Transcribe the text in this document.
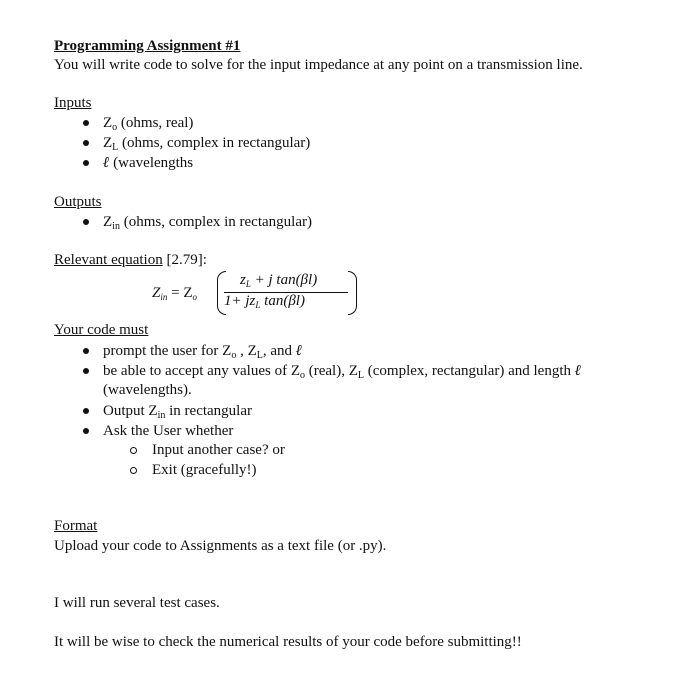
Programming Assignment #1
You will write code to solve for the input impedance at any point on a transmission line.
Inputs
$Z_o$ (ohms, real)
$Z_L$ (ohms, complex in rectangular)
ℓ (wavelengths
Outputs
$Z_{in}$ (ohms, complex in rectangular)
Relevant equation [2.79]:
$Z_{in} = Z_o$
$z_L + j$ tan(βl)
$1+ jz_L$ tan(βl)
Your code must
prompt the user for $Z_o$ , $Z_L$, and ℓ
be able to accept any values of $Z_o$ (real), $Z_L$ (complex, rectangular) and length ℓ
(wavelengths).
Output $Z_{in}$ in rectangular
Ask the User whether
Input another case? or
Exit (gracefully!)
Format
Upload your code to Assignments as a text file (or .py).
I will run several test cases.
It will be wise to check the numerical results of your code before submitting!!
